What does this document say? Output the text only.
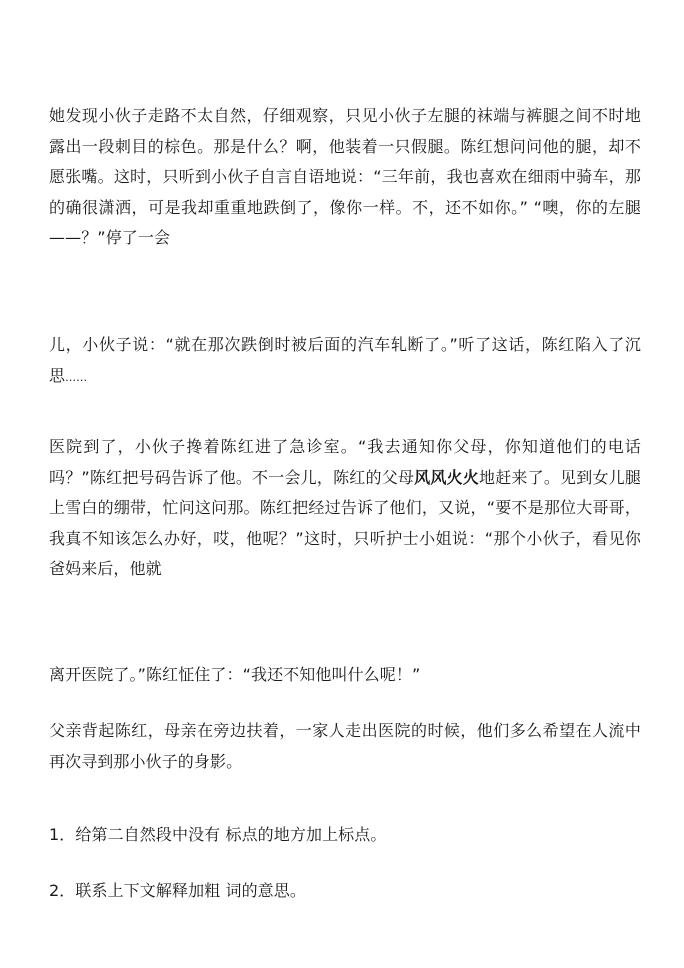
她发现小伙子走路不太自然，仔细观察，只见小伙子左腿的袜端与裤腿之间不时地露出一段刺目的棕色。那是什么？啊，他装着一只假腿。陈红想问问他的腿，却不愿张嘴。这时，只听到小伙子自言自语地说：“三年前，我也喜欢在细雨中骑车，那的确很潇洒，可是我却重重地跌倒了，像你一样。不，还不如你。” “噢，你的左腿——？”停了一会

儿，小伙子说：“就在那次跌倒时被后面的汽车轧断了。”听了这话，陈红陷入了沉思……

医院到了，小伙子搀着陈红进了急诊室。“我去通知你父母，你知道他们的电话吗？”陈红把号码告诉了他。不一会儿，陈红的父母风风火火地赶来了。见到女儿腿上雪白的绷带，忙问这问那。陈红把经过告诉了他们，又说，“要不是那位大哥哥，我真不知该怎么办好，哎，他呢？”这时，只听护士小姐说：“那个小伙子，看见你爸妈来后，他就

离开医院了。”陈红怔住了：“我还不知他叫什么呢！”

父亲背起陈红，母亲在旁边扶着，一家人走出医院的时候，他们多么希望在人流中再次寻到那小伙子的身影。

1．给第二自然段中没有 标点的地方加上标点。

2．联系上下文解释加粗 词的意思。
